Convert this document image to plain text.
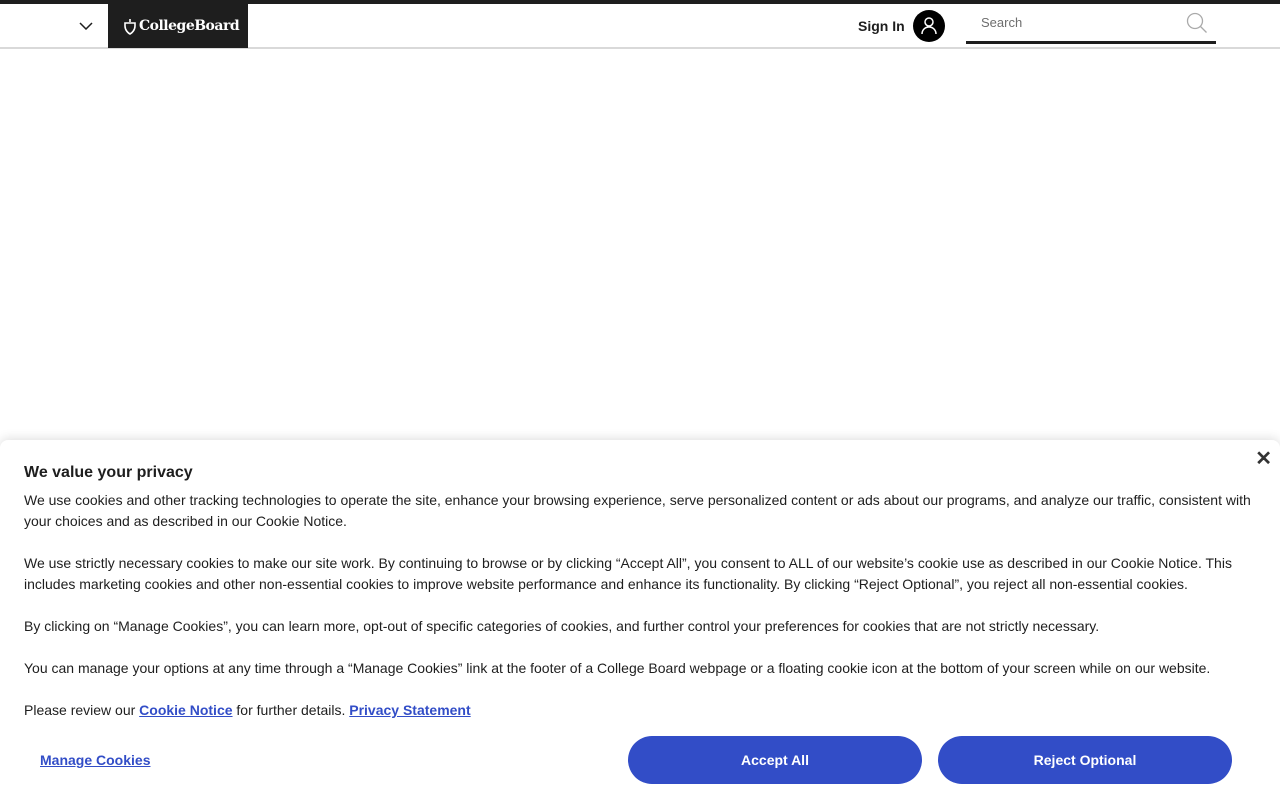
CollegeBoard	Sign In
Search
✕
We value your privacy

We use cookies and other tracking technologies to operate the site, enhance your browsing experience, serve personalized content or ads about our programs, and analyze our traffic, consistent with your choices and as described in our Cookie Notice.

We use strictly necessary cookies to make our site work. By continuing to browse or by clicking “Accept All”, you consent to ALL of our website’s cookie use as described in our Cookie Notice. This includes marketing cookies and other non-essential cookies to improve website performance and enhance its functionality. By clicking “Reject Optional”, you reject all non-essential cookies.

By clicking on “Manage Cookies”, you can learn more, opt-out of specific categories of cookies, and further control your preferences for cookies that are not strictly necessary.

You can manage your options at any time through a “Manage Cookies” link at the footer of a College Board webpage or a floating cookie icon at the bottom of your screen while on our website.

Please review our Cookie Notice for further details. Privacy Statement

Manage Cookies	Accept All	Reject Optional
